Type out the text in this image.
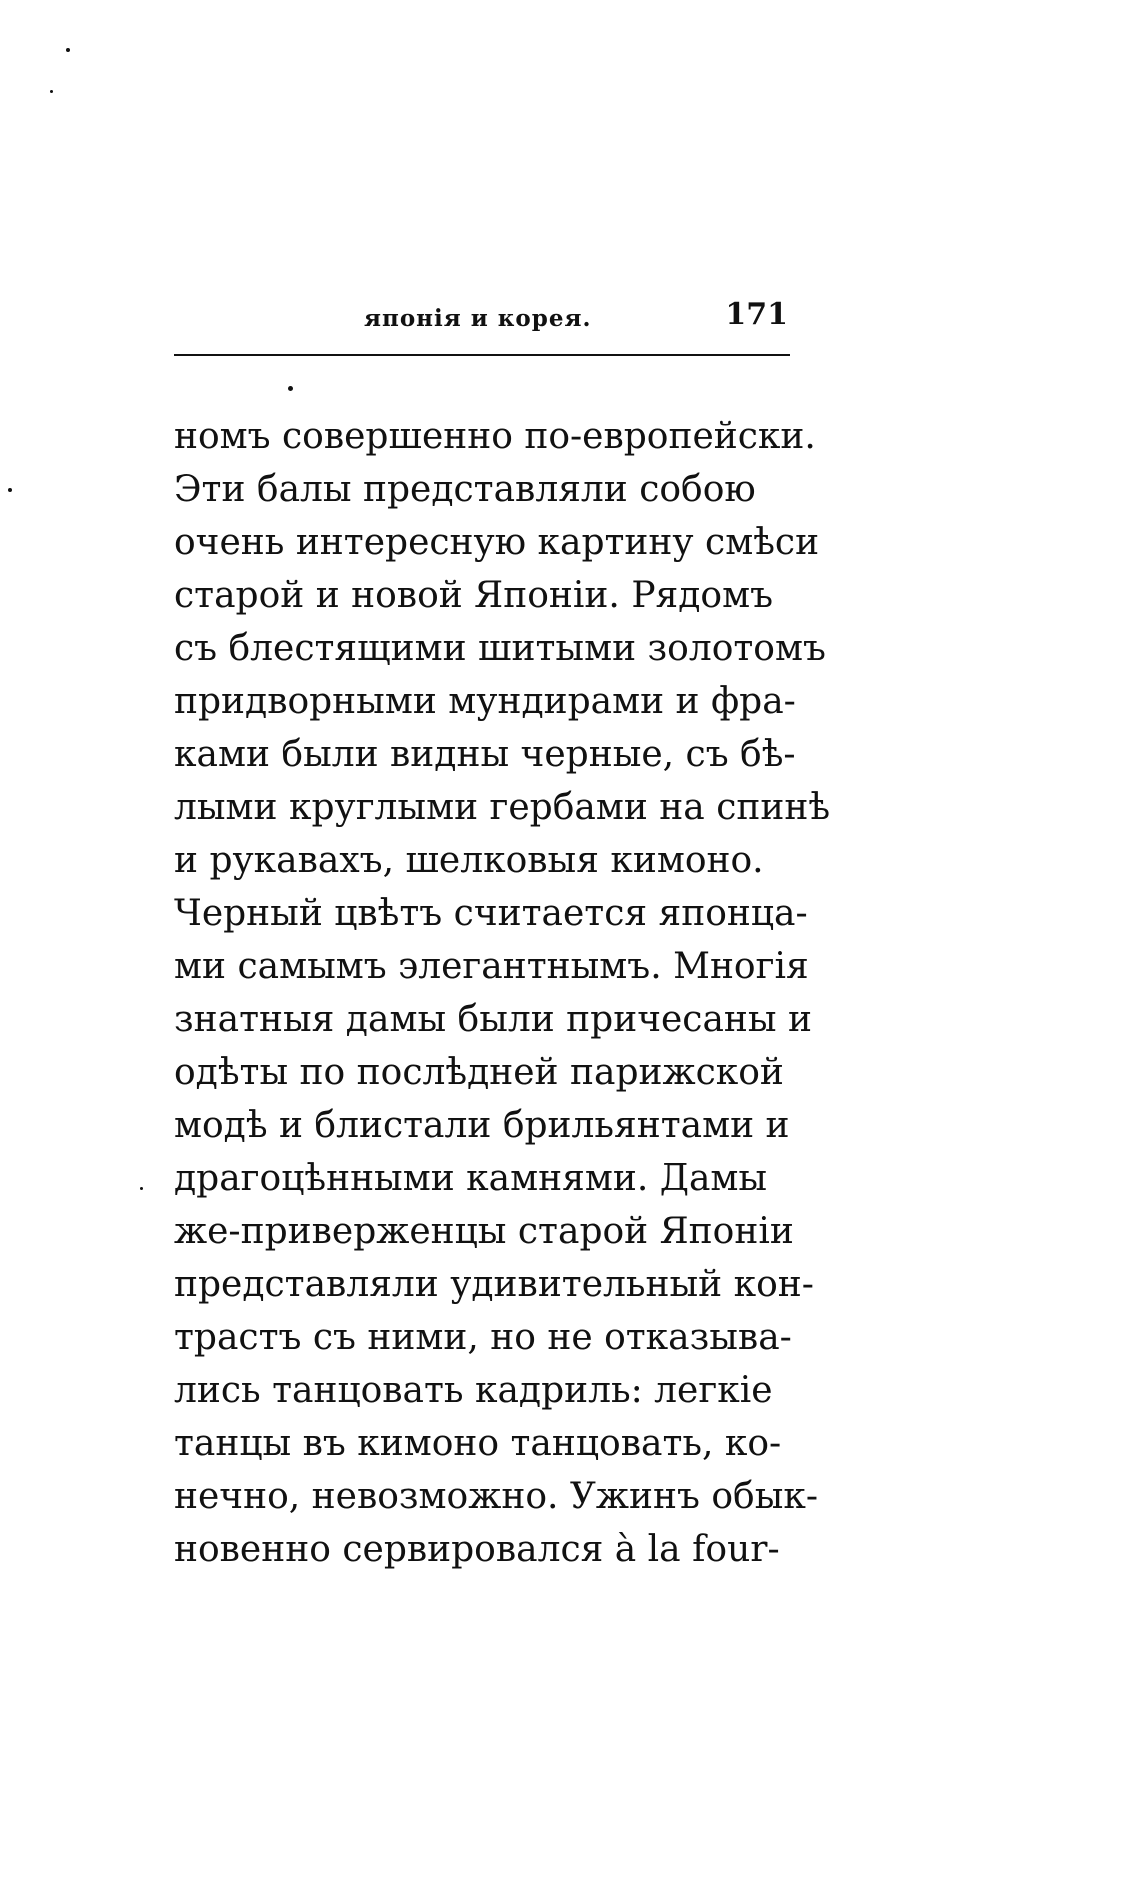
японія и корея.	171
номъ совершенно по-европейски.
Эти балы представляли собою
очень интересную картину смѣси
старой и новой Японіи. Рядомъ
съ блестящими шитыми золотомъ
придворными мундирами и фра-
ками были видны черные, съ бѣ-
лыми круглыми гербами на спинѣ
и рукавахъ, шелковыя кимоно.
Черный цвѣтъ считается японца-
ми самымъ элегантнымъ. Многія
знатныя дамы были причесаны и
одѣты по послѣдней парижской
модѣ и блистали брильянтами и
драгоцѣнными камнями. Дамы
же-приверженцы старой Японіи
представляли удивительный кон-
трастъ съ ними, но не отказыва-
лись танцовать кадриль: легкіе
танцы въ кимоно танцовать, ко-
нечно, невозможно. Ужинъ обык-
новенно сервировался à la four-
